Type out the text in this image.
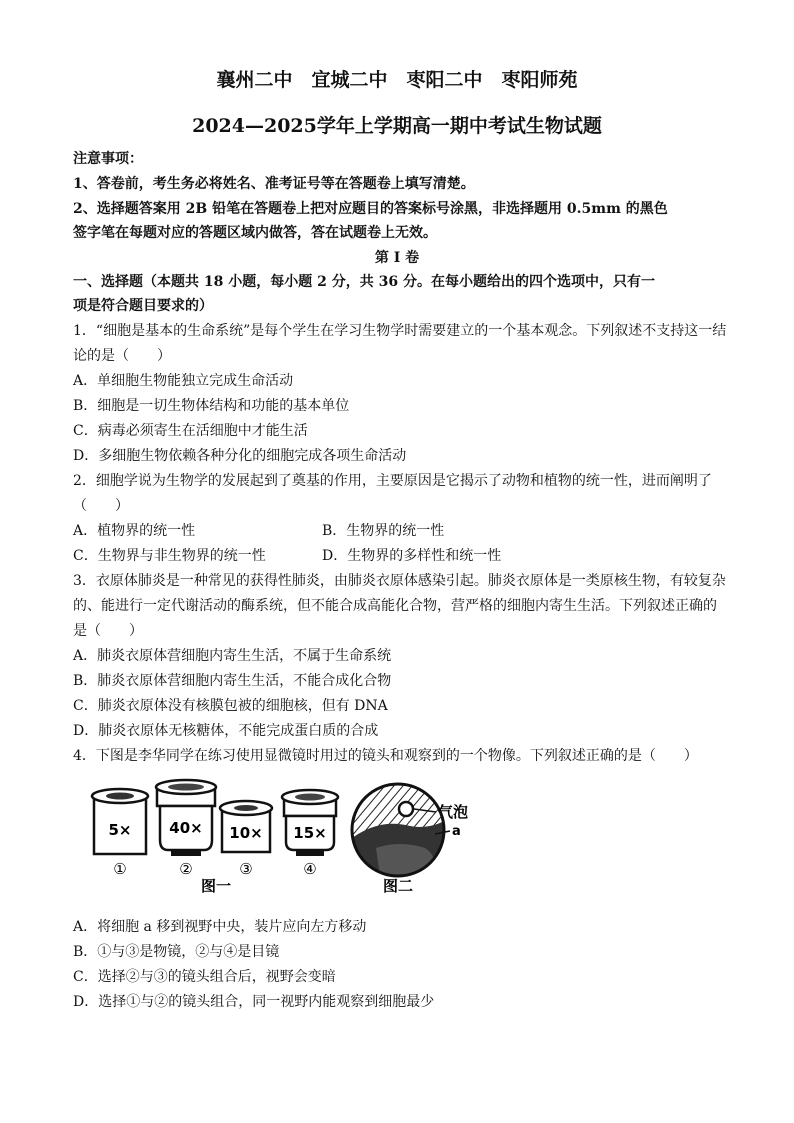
襄州二中　宜城二中　枣阳二中　枣阳师苑
2024—2025学年上学期高一期中考试生物试题
注意事项：
1、答卷前，考生务必将姓名、准考证号等在答题卷上填写清楚。
2、选择题答案用 2B 铅笔在答题卷上把对应题目的答案标号涂黑，非选择题用 0.5mm 的黑色
签字笔在每题对应的答题区域内做答，答在试题卷上无效。
第 I 卷
一、选择题（本题共 18 小题，每小题 2 分，共 36 分。在每小题给出的四个选项中，只有一
项是符合题目要求的）
1．“细胞是基本的生命系统”是每个学生在学习生物学时需要建立的一个基本观念。下列叙述不支持这一结
论的是（　　）
A．单细胞生物能独立完成生命活动
B．细胞是一切生物体结构和功能的基本单位
C．病毒必须寄生在活细胞中才能生活
D．多细胞生物依赖各种分化的细胞完成各项生命活动
2．细胞学说为生物学的发展起到了奠基的作用，主要原因是它揭示了动物和植物的统一性，进而阐明了
（　　）
A．植物界的统一性	B．生物界的统一性
C．生物界与非生物界的统一性	D．生物界的多样性和统一性
3．衣原体肺炎是一种常见的获得性肺炎，由肺炎衣原体感染引起。肺炎衣原体是一类原核生物，有较复杂
的、能进行一定代谢活动的酶系统，但不能合成高能化合物，营严格的细胞内寄生生活。下列叙述正确的
是（　　）
A．肺炎衣原体营细胞内寄生生活，不属于生命系统
B．肺炎衣原体营细胞内寄生生活，不能合成化合物
C．肺炎衣原体没有核膜包被的细胞核，但有 DNA
D．肺炎衣原体无核糖体，不能完成蛋白质的合成
4．下图是李华同学在练习使用显微镜时用过的镜头和观察到的一个物像。下列叙述正确的是（　　）
5×
①
40×
②
10×
③
15×
④
图一
气泡
a
图二
A．将细胞 a 移到视野中央，装片应向左方移动
B．①与③是物镜，②与④是目镜
C．选择②与③的镜头组合后，视野会变暗
D．选择①与②的镜头组合，同一视野内能观察到细胞最少
